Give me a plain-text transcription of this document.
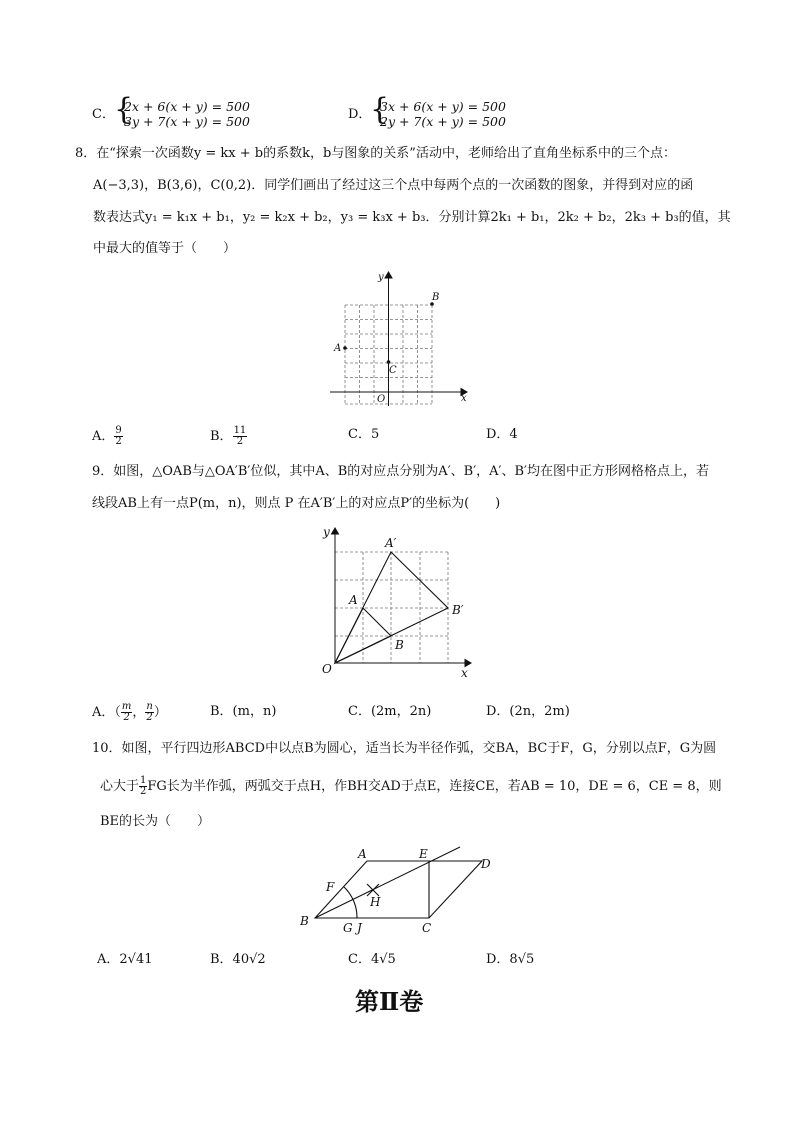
C． {
2x + 6(x + y) = 500
3y + 7(x + y) = 500	D．
{
3x + 6(x + y) = 500
2y + 7(x + y) = 500
8．在“探索一次函数y = kx + b的系数k，b与图象的关系”活动中，老师给出了直角坐标系中的三个点：
A(−3,3)，B(3,6)，C(0,2)．同学们画出了经过这三个点中每两个点的一次函数的图象，并得到对应的函
数表达式y₁ = k₁x + b₁，y₂ = k₂x + b₂，y₃ = k₃x + b₃．分别计算2k₁ + b₁，2k₂ + b₂，2k₃ + b₃的值，其
中最大的值等于（　　）
x
y
O
A
B
C
A． $\frac{9}{2}$	B． $\frac{11}{2}$	C．5	D．4
9．如图，△OAB与△OA′B′位似，其中A、B的对应点分别为A′、B′，A′、B′均在图中正方形网格格点上，若
线段AB上有一点P(m，n)，则点 P 在A′B′上的对应点P′的坐标为(　　)
x
y
O
A
B
A′
B′
A．（ $\frac{m}{2}$ ， $\frac{n}{2}$ ）	B．(m，n)	C．(2m，2n)	D．(2n，2m)
10．如图，平行四边形ABCD中以点B为圆心，适当长为半径作弧，交BA，BC于F，G，分别以点F，G为圆
心大于 $\frac{1}{2}$ FG长为半作弧，两弧交于点H，作BH交AD于点E，连接CE，若AB = 10，DE = 6，CE = 8，则
BE的长为（　　）
A
B	C
D
E
F
G
H
J
A．2√41	B．40√2	C．4√5	D．8√5
第Ⅱ卷
